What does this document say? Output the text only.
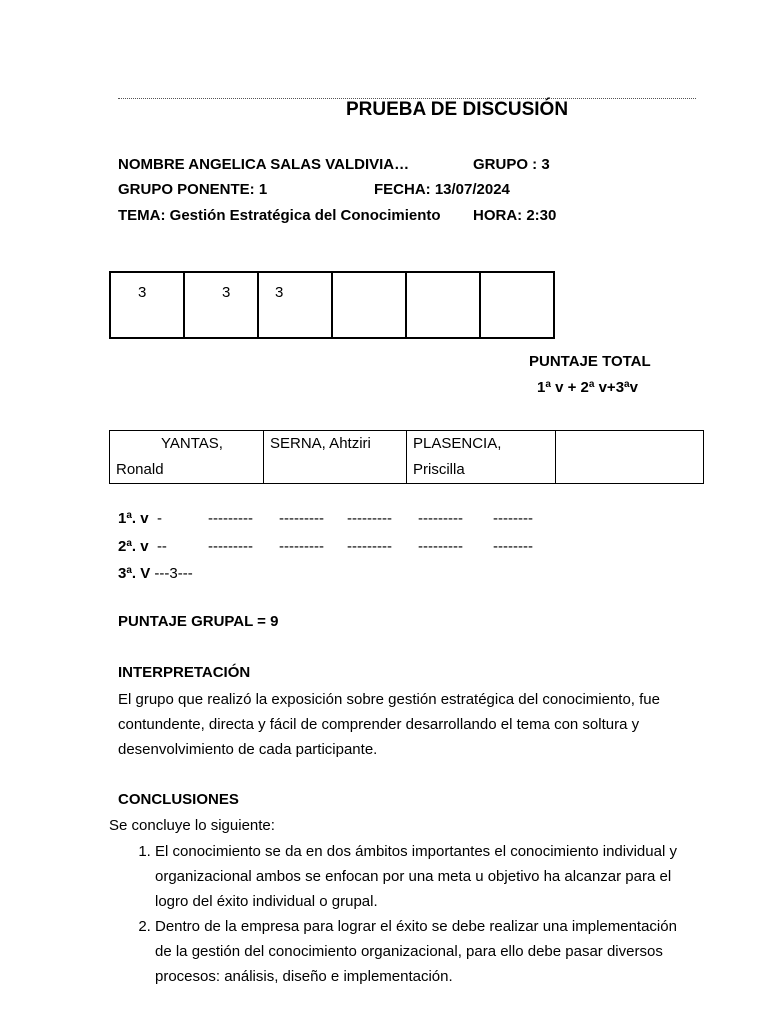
PRUEBA DE DISCUSIÓN
NOMBRE ANGELICA SALAS VALDIVIA…	GRUPO : 3
GRUPO PONENTE: 1	FECHA: 13/07/2024
TEMA: Gestión Estratégica del Conocimiento HORA: 2:30
3	3	3			
PUNTAJE TOTAL
1$^a$ $v + 2^a$ $v+3^av$
YANTAS,
Ronald

SERNA, Ahtziri	PLASENCIA,
Priscilla

1$^a$. v -	--------- --------- --------- --------- --------
2$^a$. v --	--------- --------- --------- --------- --------
3$^a$. V ---3---
PUNTAJE GRUPAL = 9
INTERPRETACIÓN
El grupo que realizó la exposición sobre gestión estratégica del conocimiento, fue
contundente, directa y fácil de comprender desarrollando el tema con soltura y
desenvolvimiento de cada participante.
CONCLUSIONES
Se concluye lo siguiente:
1. El conocimiento se da en dos ámbitos importantes el conocimiento individual y
organizacional ambos se enfocan por una meta u objetivo ha alcanzar para el
logro del éxito individual o grupal.
2. Dentro de la empresa para lograr el éxito se debe realizar una implementación
de la gestión del conocimiento organizacional, para ello debe pasar diversos
procesos: análisis, diseño e implementación.
